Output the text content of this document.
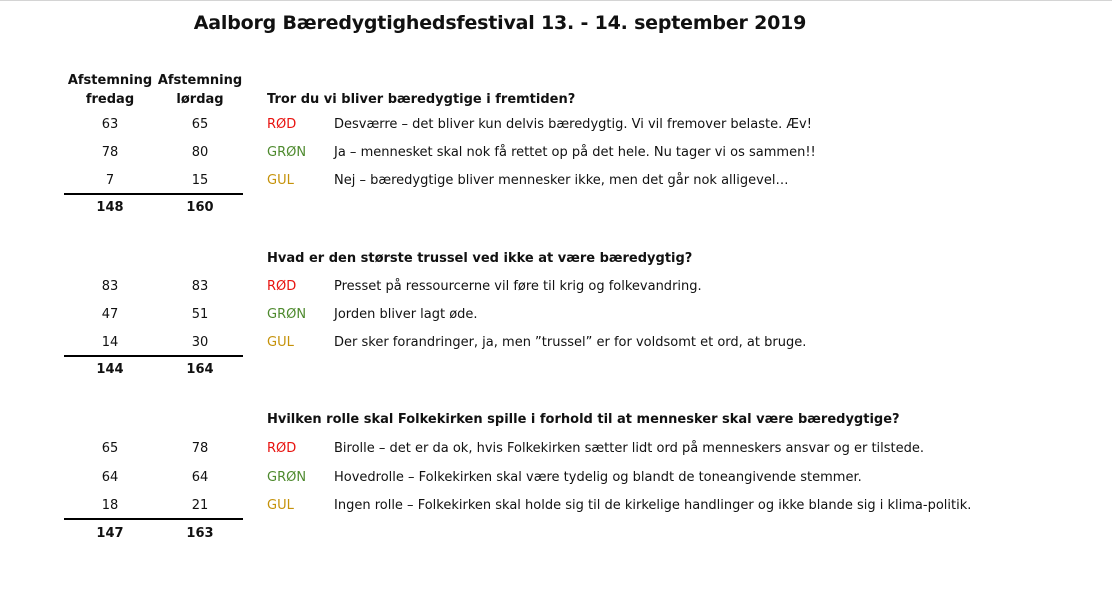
Aalborg Bæredygtighedsfestival 13. - 14. september 2019
Afstemning
fredag
Afstemning
lørdag	Tror du vi bliver bæredygtige i fremtiden?
63	65	RØD	Desværre – det bliver kun delvis bæredygtig. Vi vil fremover belaste. Æv!
78	80	GRØN Ja – mennesket skal nok få rettet op på det hele. Nu tager vi os sammen!!
7	15	GUL	Nej – bæredygtige bliver mennesker ikke, men det går nok alligevel…
148	160
Hvad er den største trussel ved ikke at være bæredygtig?
83	83	RØD	Presset på ressourcerne vil føre til krig og folkevandring.
47	51	GRØN Jorden bliver lagt øde.
14	30	GUL	Der sker forandringer, ja, men ”trussel” er for voldsomt et ord, at bruge.
144	164
Hvilken rolle skal Folkekirken spille i forhold til at mennesker skal være bæredygtige?
65	78	RØD	Birolle – det er da ok, hvis Folkekirken sætter lidt ord på menneskers ansvar og er tilstede.
64	64	GRØN Hovedrolle – Folkekirken skal være tydelig og blandt de toneangivende stemmer.
18	21	GUL	Ingen rolle – Folkekirken skal holde sig til de kirkelige handlinger og ikke blande sig i klima-politik.
147	163
